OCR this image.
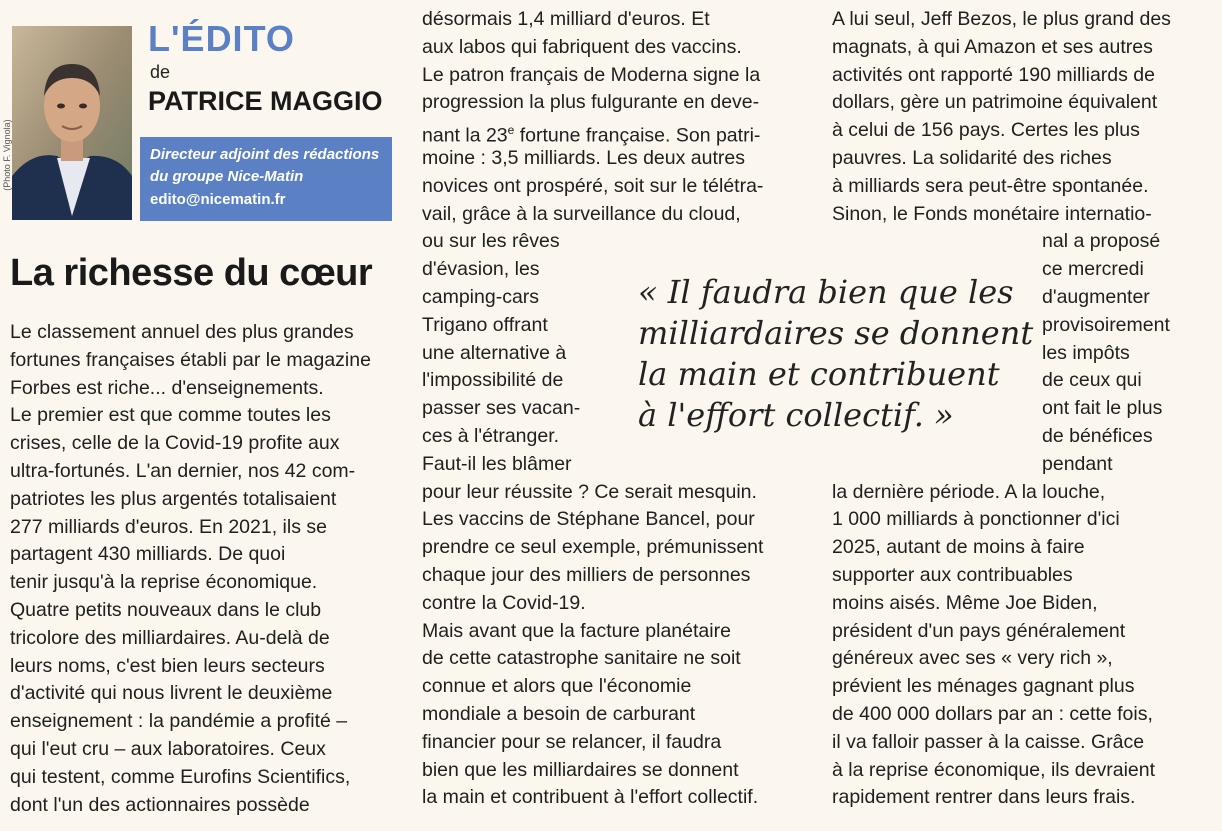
(Photo F. Vignola)
L'ÉDITO
de
PATRICE MAGGIO
Directeur adjoint des rédactions
du groupe Nice-Matin
edito@nicematin.fr
La richesse du cœur
Le classement annuel des plus grandes
fortunes françaises établi par le magazine
Forbes est riche... d'enseignements.
Le premier est que comme toutes les
crises, celle de la Covid-19 profite aux
ultra-fortunés. L'an dernier, nos 42 com-
patriotes les plus argentés totalisaient
277 milliards d'euros. En 2021, ils se
partagent 430 milliards. De quoi
tenir jusqu'à la reprise économique.
Quatre petits nouveaux dans le club
tricolore des milliardaires. Au-delà de
leurs noms, c'est bien leurs secteurs
d'activité qui nous livrent le deuxième
enseignement : la pandémie a profité –
qui l'eut cru – aux laboratoires. Ceux
qui testent, comme Eurofins Scientifics,
dont l'un des actionnaires possède
désormais 1,4 milliard d'euros. Et
aux labos qui fabriquent des vaccins.
Le patron français de Moderna signe la
progression la plus fulgurante en deve-
nant la 23e fortune française. Son patri-
moine : 3,5 milliards. Les deux autres
novices ont prospéré, soit sur le télétra-
vail, grâce à la surveillance du cloud,
ou sur les rêves
d'évasion, les
camping-cars
Trigano offrant
une alternative à
l'impossibilité de
passer ses vacan-
ces à l'étranger.
Faut-il les blâmer
pour leur réussite ? Ce serait mesquin.
Les vaccins de Stéphane Bancel, pour
prendre ce seul exemple, prémunissent
chaque jour des milliers de personnes
contre la Covid-19.
Mais avant que la facture planétaire
de cette catastrophe sanitaire ne soit
connue et alors que l'économie
mondiale a besoin de carburant
financier pour se relancer, il faudra
bien que les milliardaires se donnent
la main et contribuent à l'effort collectif.
A lui seul, Jeff Bezos, le plus grand des
magnats, à qui Amazon et ses autres
activités ont rapporté 190 milliards de
dollars, gère un patrimoine équivalent
à celui de 156 pays. Certes les plus
pauvres. La solidarité des riches
à milliards sera peut-être spontanée.
Sinon, le Fonds monétaire internatio-
nal a proposé
ce mercredi
d'augmenter
provisoirement
les impôts
de ceux qui
ont fait le plus
de bénéfices
pendant
la dernière période. A la louche,
1 000 milliards à ponctionner d'ici
2025, autant de moins à faire
supporter aux contribuables
moins aisés. Même Joe Biden,
président d'un pays généralement
généreux avec ses « very rich »,
prévient les ménages gagnant plus
de 400 000 dollars par an : cette fois,
il va falloir passer à la caisse. Grâce
à la reprise économique, ils devraient
rapidement rentrer dans leurs frais.
« Il faudra bien que les
milliardaires se donnent
la main et contribuent
à l'effort collectif. »
